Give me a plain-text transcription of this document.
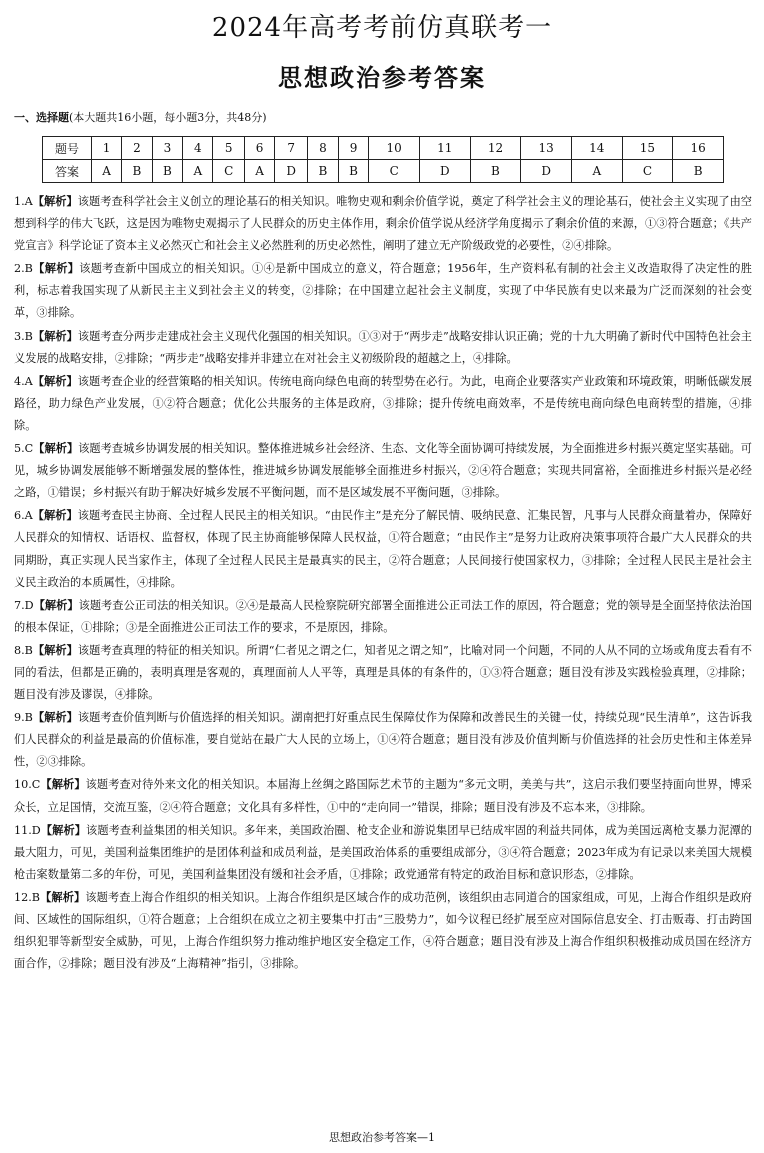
2024年高考考前仿真联考一
思想政治参考答案
一、选择题(本大题共16小题，每小题3分，共48分)
题号	1	2	3	4	5	6	7	8	9	10	11	12	13	14	15	16
答案	A	B	B	A	C	A	D	B	B	C	D	B	D	A	C	B

1.A【解析】该题考查科学社会主义创立的理论基石的相关知识。唯物史观和剩余价值学说，奠定了科学社会主义的理论基石，使社会主义实现了由空想到科学的伟大飞跃，这是因为唯物史观揭示了人民群众的历史主体作用，剩余价值学说从经济学角度揭示了剩余价值的来源，①③符合题意；《共产党宣言》科学论证了资本主义必然灭亡和社会主义必然胜利的历史必然性，阐明了建立无产阶级政党的必要性，②④排除。

2.B【解析】该题考查新中国成立的相关知识。①④是新中国成立的意义，符合题意；1956年，生产资料私有制的社会主义改造取得了决定性的胜利，标志着我国实现了从新民主主义到社会主义的转变，②排除；在中国建立起社会主义制度，实现了中华民族有史以来最为广泛而深刻的社会变革，③排除。

3.B【解析】该题考查分两步走建成社会主义现代化强国的相关知识。①③对于“两步走”战略安排认识正确；党的十九大明确了新时代中国特色社会主义发展的战略安排，②排除；“两步走”战略安排并非建立在对社会主义初级阶段的超越之上，④排除。

4.A【解析】该题考查企业的经营策略的相关知识。传统电商向绿色电商的转型势在必行。为此，电商企业要落实产业政策和环境政策，明晰低碳发展路径，助力绿色产业发展，①②符合题意；优化公共服务的主体是政府，③排除；提升传统电商效率，不是传统电商向绿色电商转型的措施，④排除。

5.C【解析】该题考查城乡协调发展的相关知识。整体推进城乡社会经济、生态、文化等全面协调可持续发展，为全面推进乡村振兴奠定坚实基础。可见，城乡协调发展能够不断增强发展的整体性，推进城乡协调发展能够全面推进乡村振兴，②④符合题意；实现共同富裕，全面推进乡村振兴是必经之路，①错误；乡村振兴有助于解决好城乡发展不平衡问题，而不是区域发展不平衡问题，③排除。

6.A【解析】该题考查民主协商、全过程人民民主的相关知识。“由民作主”是充分了解民情、吸纳民意、汇集民智，凡事与人民群众商量着办，保障好人民群众的知情权、话语权、监督权，体现了民主协商能够保障人民权益，①符合题意；“由民作主”是努力让政府决策事项符合最广大人民群众的共同期盼，真正实现人民当家作主，体现了全过程人民民主是最真实的民主，②符合题意；人民间接行使国家权力，③排除；全过程人民民主是社会主义民主政治的本质属性，④排除。

7.D【解析】该题考查公正司法的相关知识。②④是最高人民检察院研究部署全面推进公正司法工作的原因，符合题意；党的领导是全面坚持依法治国的根本保证，①排除；③是全面推进公正司法工作的要求，不是原因，排除。

8.B【解析】该题考查真理的特征的相关知识。所谓“仁者见之谓之仁，知者见之谓之知”，比喻对同一个问题，不同的人从不同的立场或角度去看有不同的看法，但都是正确的，表明真理是客观的，真理面前人人平等，真理是具体的有条件的，①③符合题意；题目没有涉及实践检验真理，②排除；题目没有涉及谬误，④排除。

9.B【解析】该题考查价值判断与价值选择的相关知识。湖南把打好重点民生保障仗作为保障和改善民生的关键一仗，持续兑现“民生清单”，这告诉我们人民群众的利益是最高的价值标准，要自觉站在最广大人民的立场上，①④符合题意；题目没有涉及价值判断与价值选择的社会历史性和主体差异性，②③排除。

10.C【解析】该题考查对待外来文化的相关知识。本届海上丝绸之路国际艺术节的主题为“多元文明，美美与共”，这启示我们要坚持面向世界，博采众长，立足国情，交流互鉴，②④符合题意；文化具有多样性，①中的“走向同一”错误，排除；题目没有涉及不忘本来，③排除。

11.D【解析】该题考查利益集团的相关知识。多年来，美国政治圈、枪支企业和游说集团早已结成牢固的利益共同体，成为美国远离枪支暴力泥潭的最大阻力，可见，美国利益集团维护的是团体利益和成员利益，是美国政治体系的重要组成部分，③④符合题意；2023年成为有记录以来美国大规模枪击案数量第二多的年份，可见，美国利益集团没有缓和社会矛盾，①排除；政党通常有特定的政治目标和意识形态，②排除。

12.B【解析】该题考查上海合作组织的相关知识。上海合作组织是区域合作的成功范例，该组织由志同道合的国家组成，可见，上海合作组织是政府间、区域性的国际组织，①符合题意；上合组织在成立之初主要集中打击“三股势力”，如今议程已经扩展至应对国际信息安全、打击贩毒、打击跨国组织犯罪等新型安全威胁，可见，上海合作组织努力推动维护地区安全稳定工作，④符合题意；题目没有涉及上海合作组织积极推动成员国在经济方面合作，②排除；题目没有涉及“上海精神”指引，③排除。

思想政治参考答案—1
